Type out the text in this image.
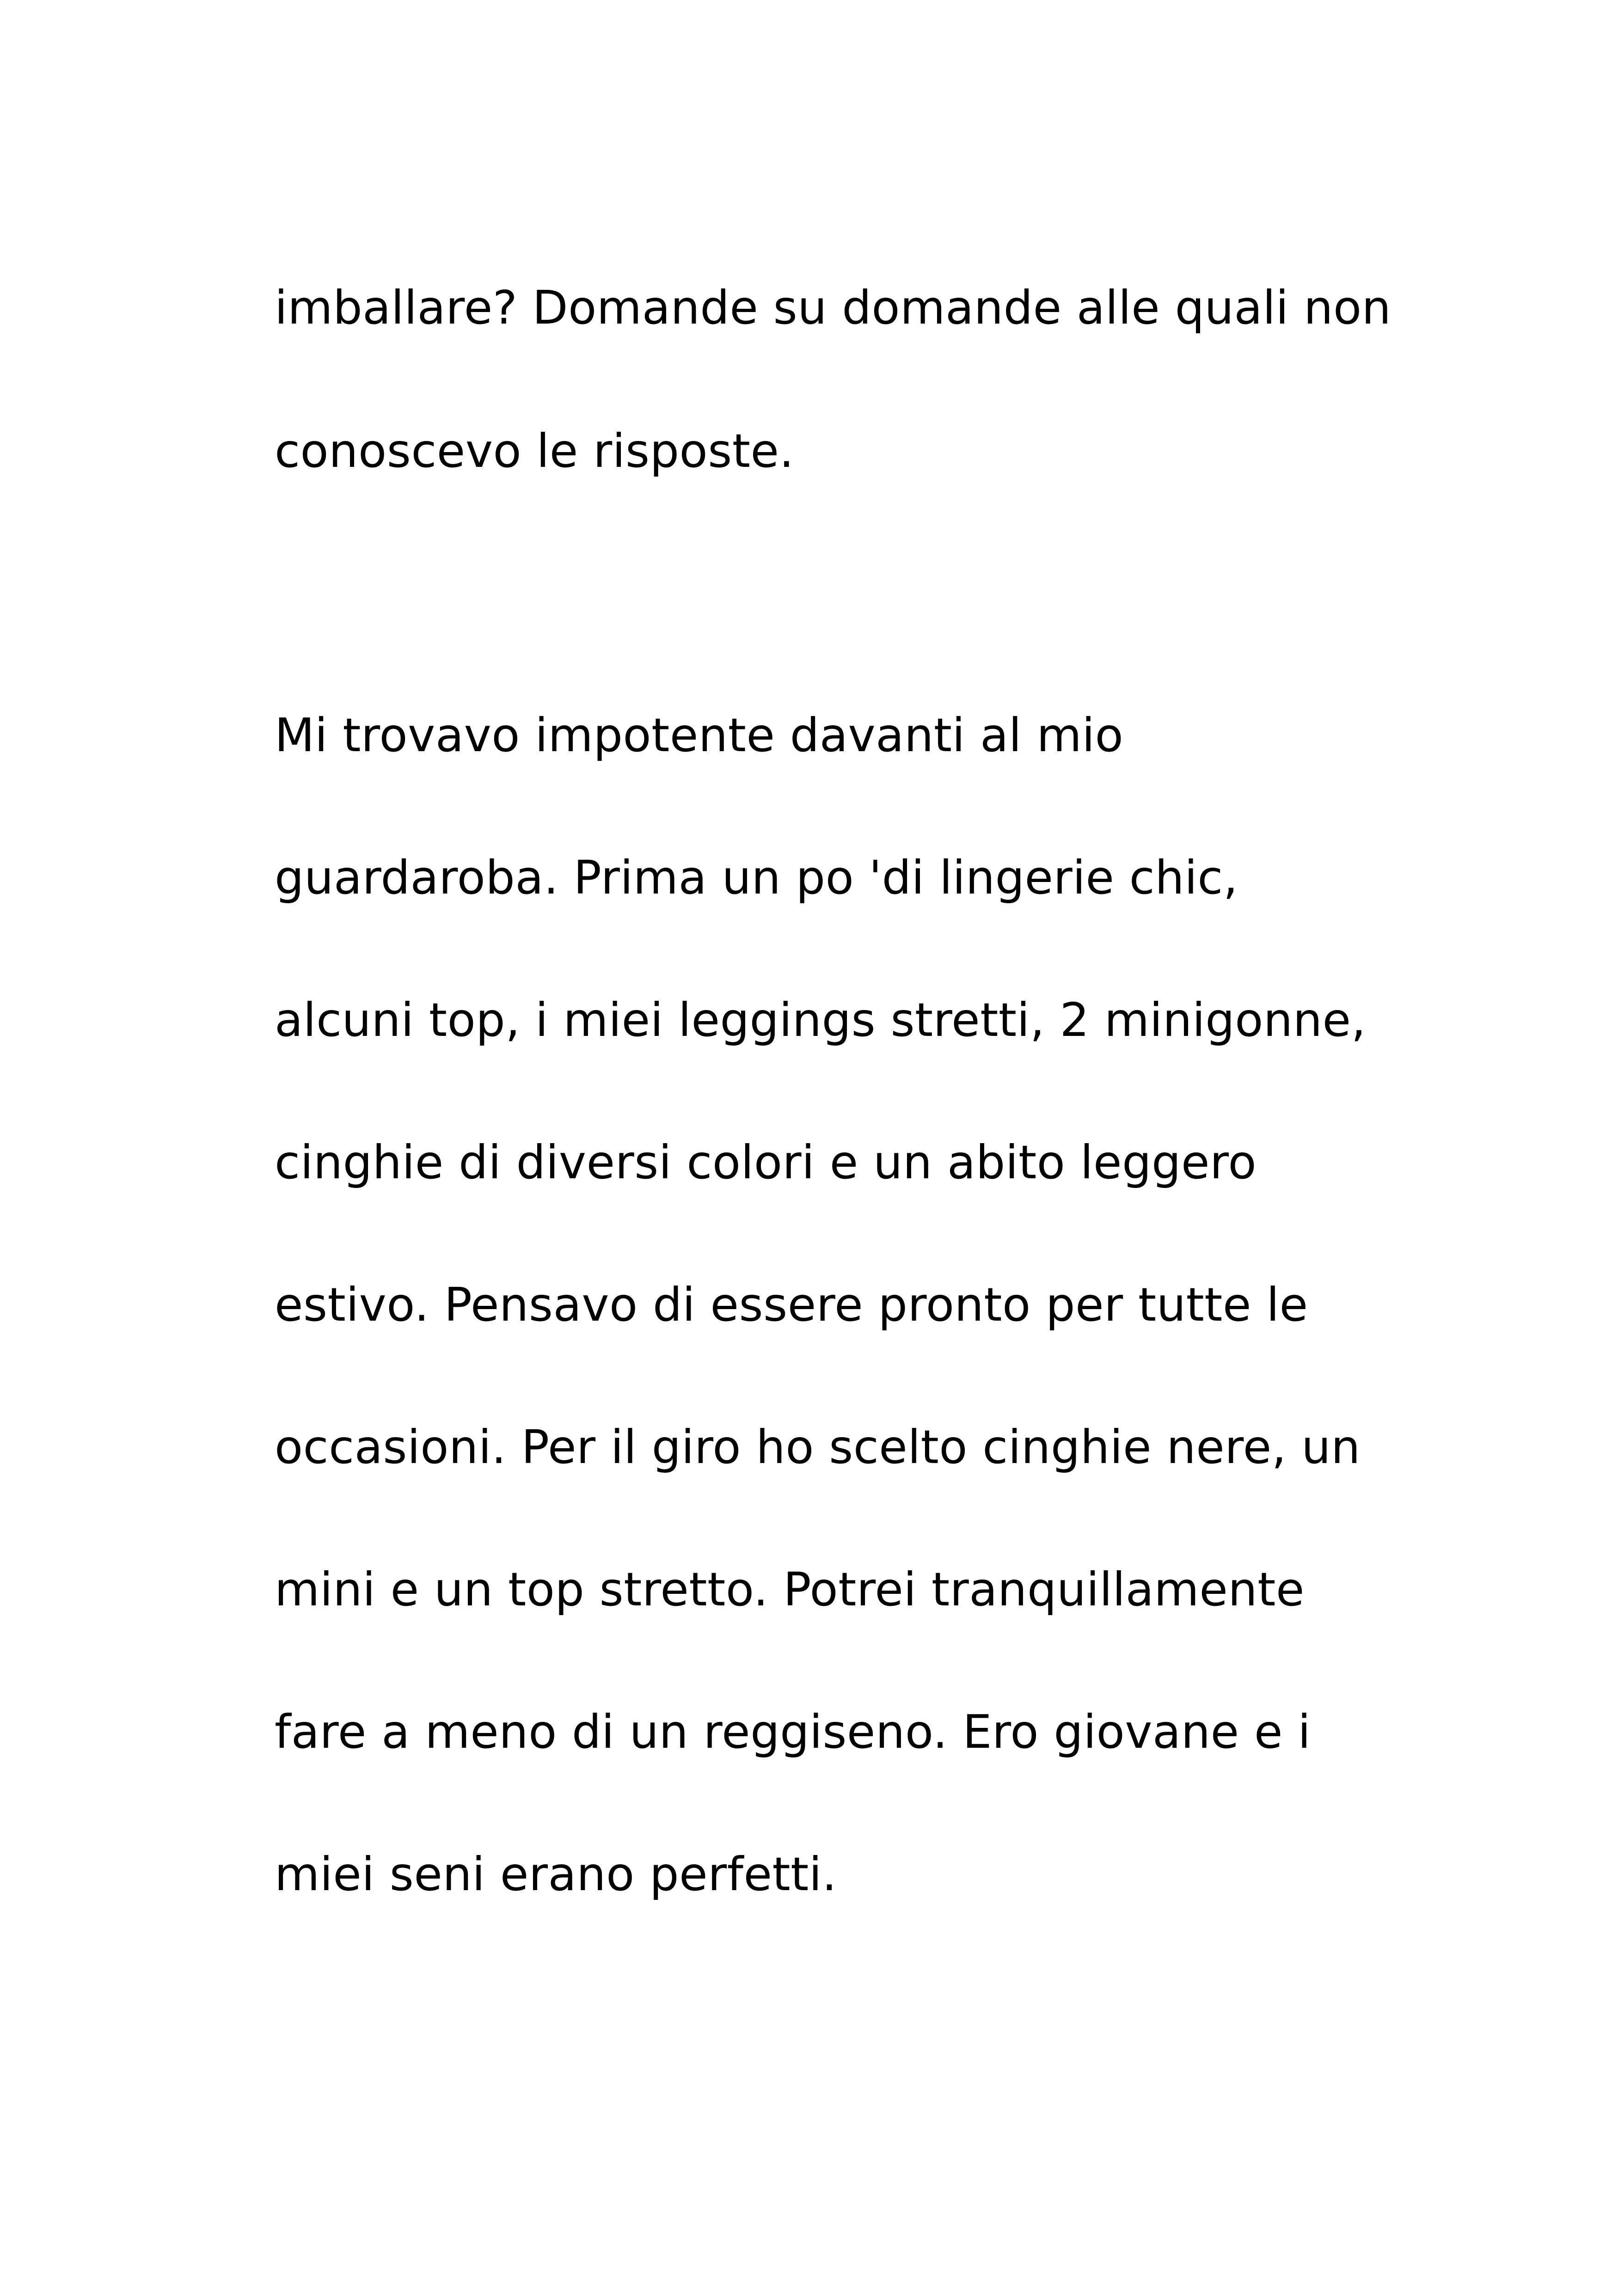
imballare? Domande su domande alle quali non

conoscevo le risposte.

Mi trovavo impotente davanti al mio

guardaroba. Prima un po 'di lingerie chic,

alcuni top, i miei leggings stretti, 2 minigonne,

cinghie di diversi colori e un abito leggero

estivo. Pensavo di essere pronto per tutte le

occasioni. Per il giro ho scelto cinghie nere, un

mini e un top stretto. Potrei tranquillamente

fare a meno di un reggiseno. Ero giovane e i

miei seni erano perfetti.
